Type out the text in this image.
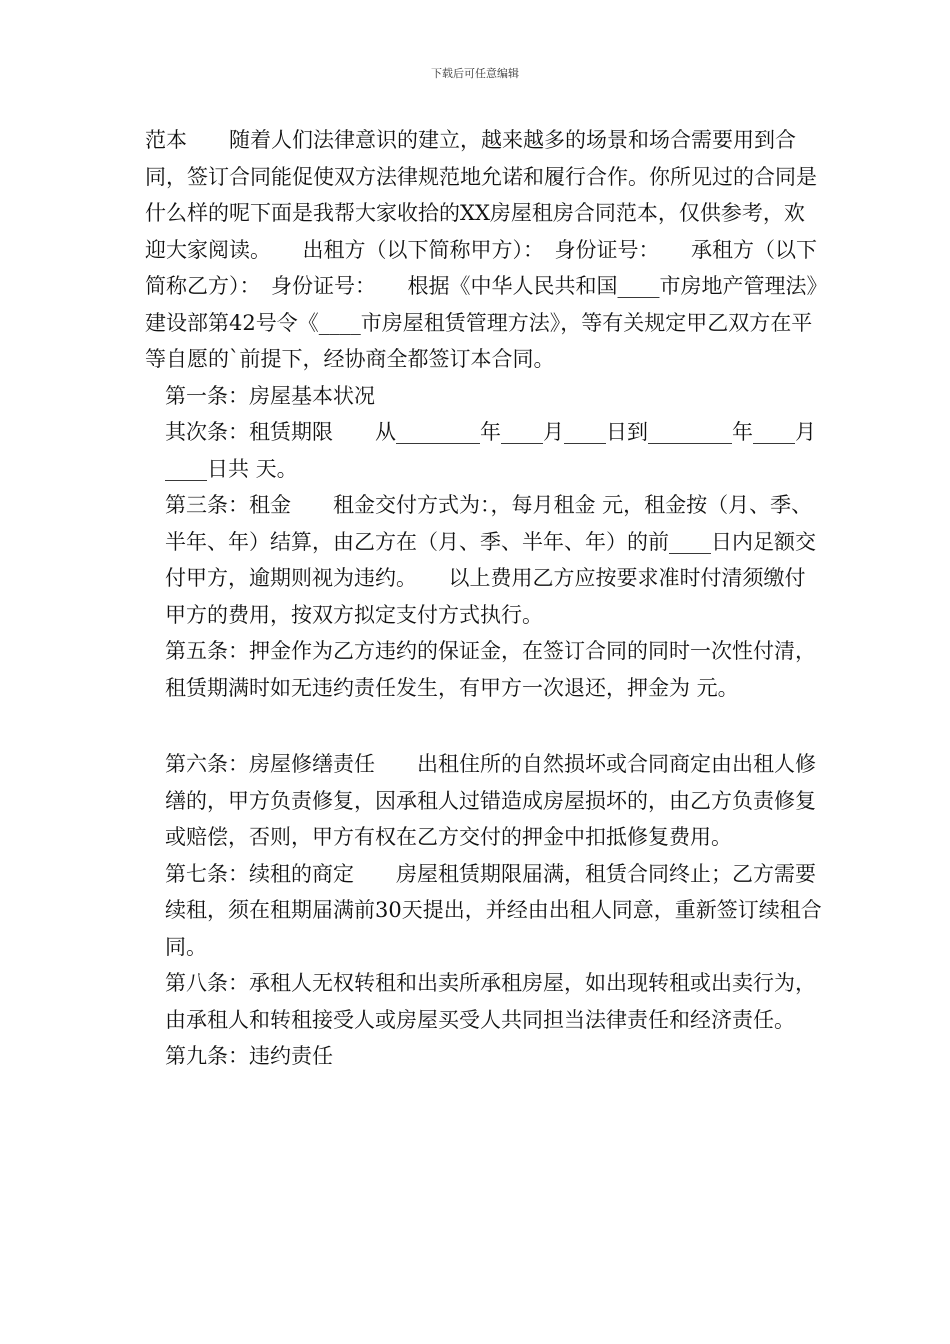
下载后可任意编辑

范本　　随着人们法律意识的建立，越来越多的场景和场合需要用到合同，签订合同能促使双方法律规范地允诺和履行合作。你所见过的合同是什么样的呢下面是我帮大家收拾的XX房屋租房合同范本，仅供参考，欢迎大家阅读。　　出租方（以下简称甲方）：　身份证号：　　承租方（以下简称乙方）：　身份证号：　　根据《中华人民共和国____市房地产管理法》建设部第42号令《____市房屋租赁管理方法》，等有关规定甲乙双方在平等自愿的`前提下，经协商全都签订本合同。

第一条：房屋基本状况

其次条：租赁期限　　从________年____月____日到________年____月____日共 天。

第三条：租金　　租金交付方式为：，每月租金 元，租金按（月、季、半年、年）结算，由乙方在（月、季、半年、年）的前____日内足额交付甲方，逾期则视为违约。　　以上费用乙方应按要求准时付清须缴付甲方的费用，按双方拟定支付方式执行。

第五条：押金作为乙方违约的保证金，在签订合同的同时一次性付清，租赁期满时如无违约责任发生，有甲方一次退还，押金为 元。

第六条：房屋修缮责任　　出租住所的自然损坏或合同商定由出租人修缮的，甲方负责修复，因承租人过错造成房屋损坏的，由乙方负责修复或赔偿，否则，甲方有权在乙方交付的押金中扣抵修复费用。

第七条：续租的商定　　房屋租赁期限届满，租赁合同终止；乙方需要续租，须在租期届满前30天提出，并经由出租人同意，重新签订续租合同。

第八条：承租人无权转租和出卖所承租房屋，如出现转租或出卖行为，由承租人和转租接受人或房屋买受人共同担当法律责任和经济责任。

第九条：违约责任
